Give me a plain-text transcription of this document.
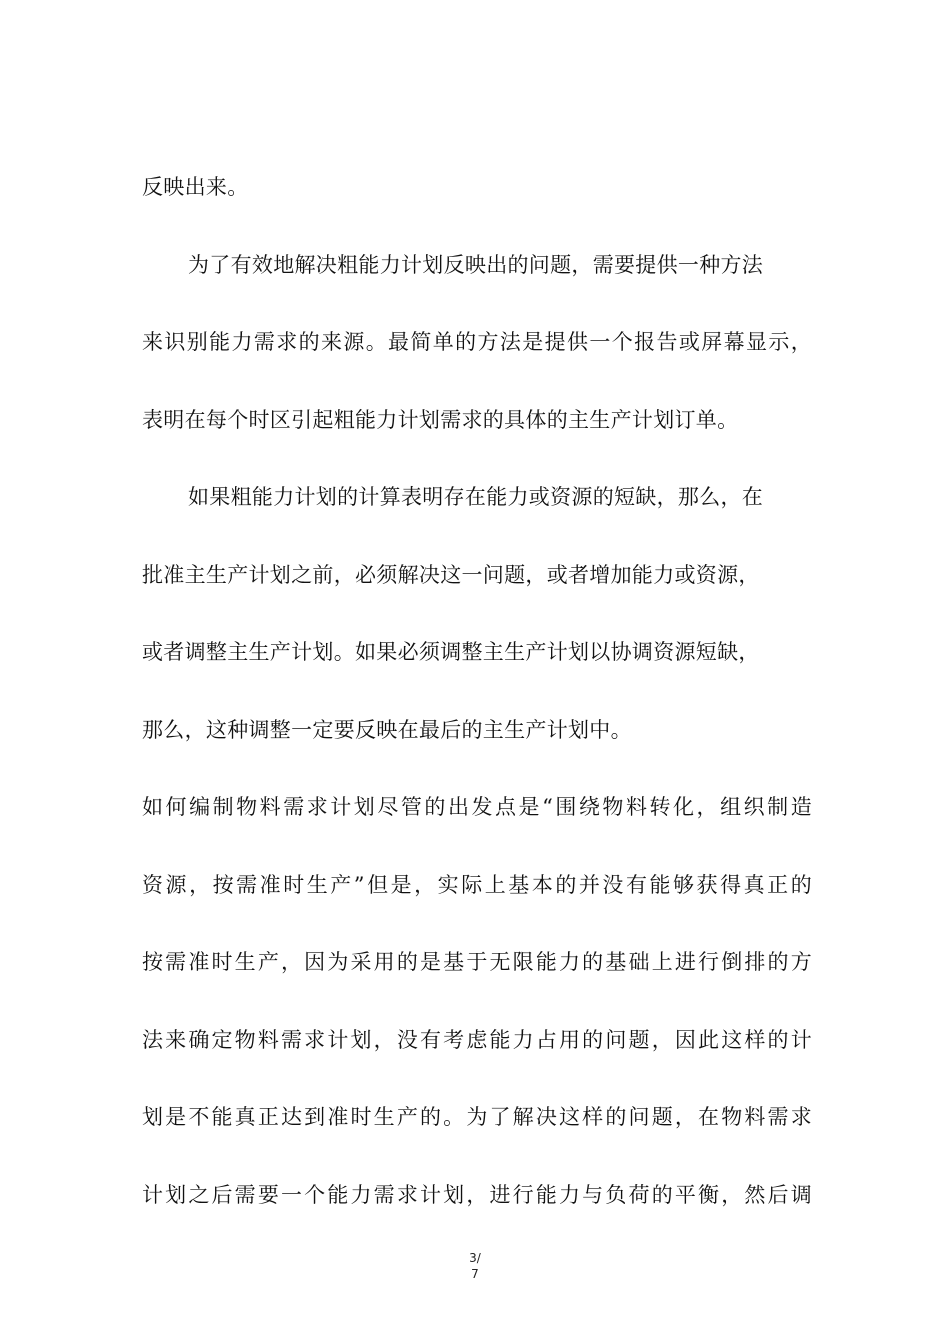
反映出来。
为了有效地解决粗能力计划反映出的问题，需要提供一种方法
来识别能力需求的来源。最简单的方法是提供一个报告或屏幕显示，
表明在每个时区引起粗能力计划需求的具体的主生产计划订单。
如果粗能力计划的计算表明存在能力或资源的短缺，那么，在
批准主生产计划之前，必须解决这一问题，或者增加能力或资源，
或者调整主生产计划。如果必须调整主生产计划以协调资源短缺，
那么，这种调整一定要反映在最后的主生产计划中。
如何编制物料需求计划尽管的出发点是“围绕物料转化，组织制造
资源，按需准时生产”但是，实际上基本的并没有能够获得真正的
按需准时生产，因为采用的是基于无限能力的基础上进行倒排的方
法来确定物料需求计划，没有考虑能力占用的问题，因此这样的计
划是不能真正达到准时生产的。为了解决这样的问题，在物料需求
计划之后需要一个能力需求计划，进行能力与负荷的平衡，然后调
3/
7
